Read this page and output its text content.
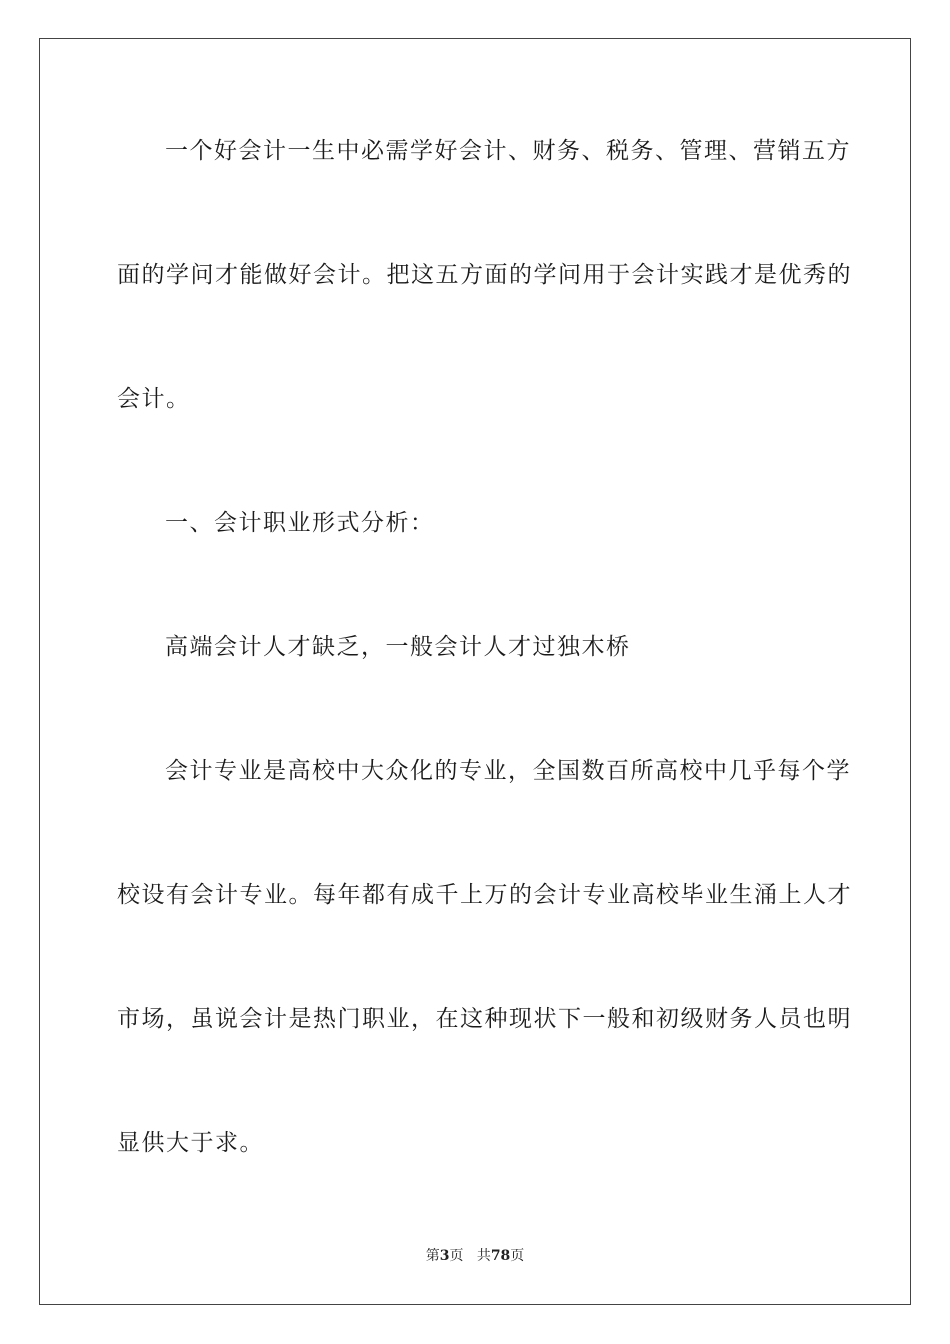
一个好会计一生中必需学好会计、财务、税务、管理、营销五方
面的学问才能做好会计。把这五方面的学问用于会计实践才是优秀的
会计。
一、会计职业形式分析：
高端会计人才缺乏，一般会计人才过独木桥
会计专业是高校中大众化的专业，全国数百所高校中几乎每个学
校设有会计专业。每年都有成千上万的会计专业高校毕业生涌上人才
市场，虽说会计是热门职业，在这种现状下一般和初级财务人员也明
显供大于求。
第3页 共78页
